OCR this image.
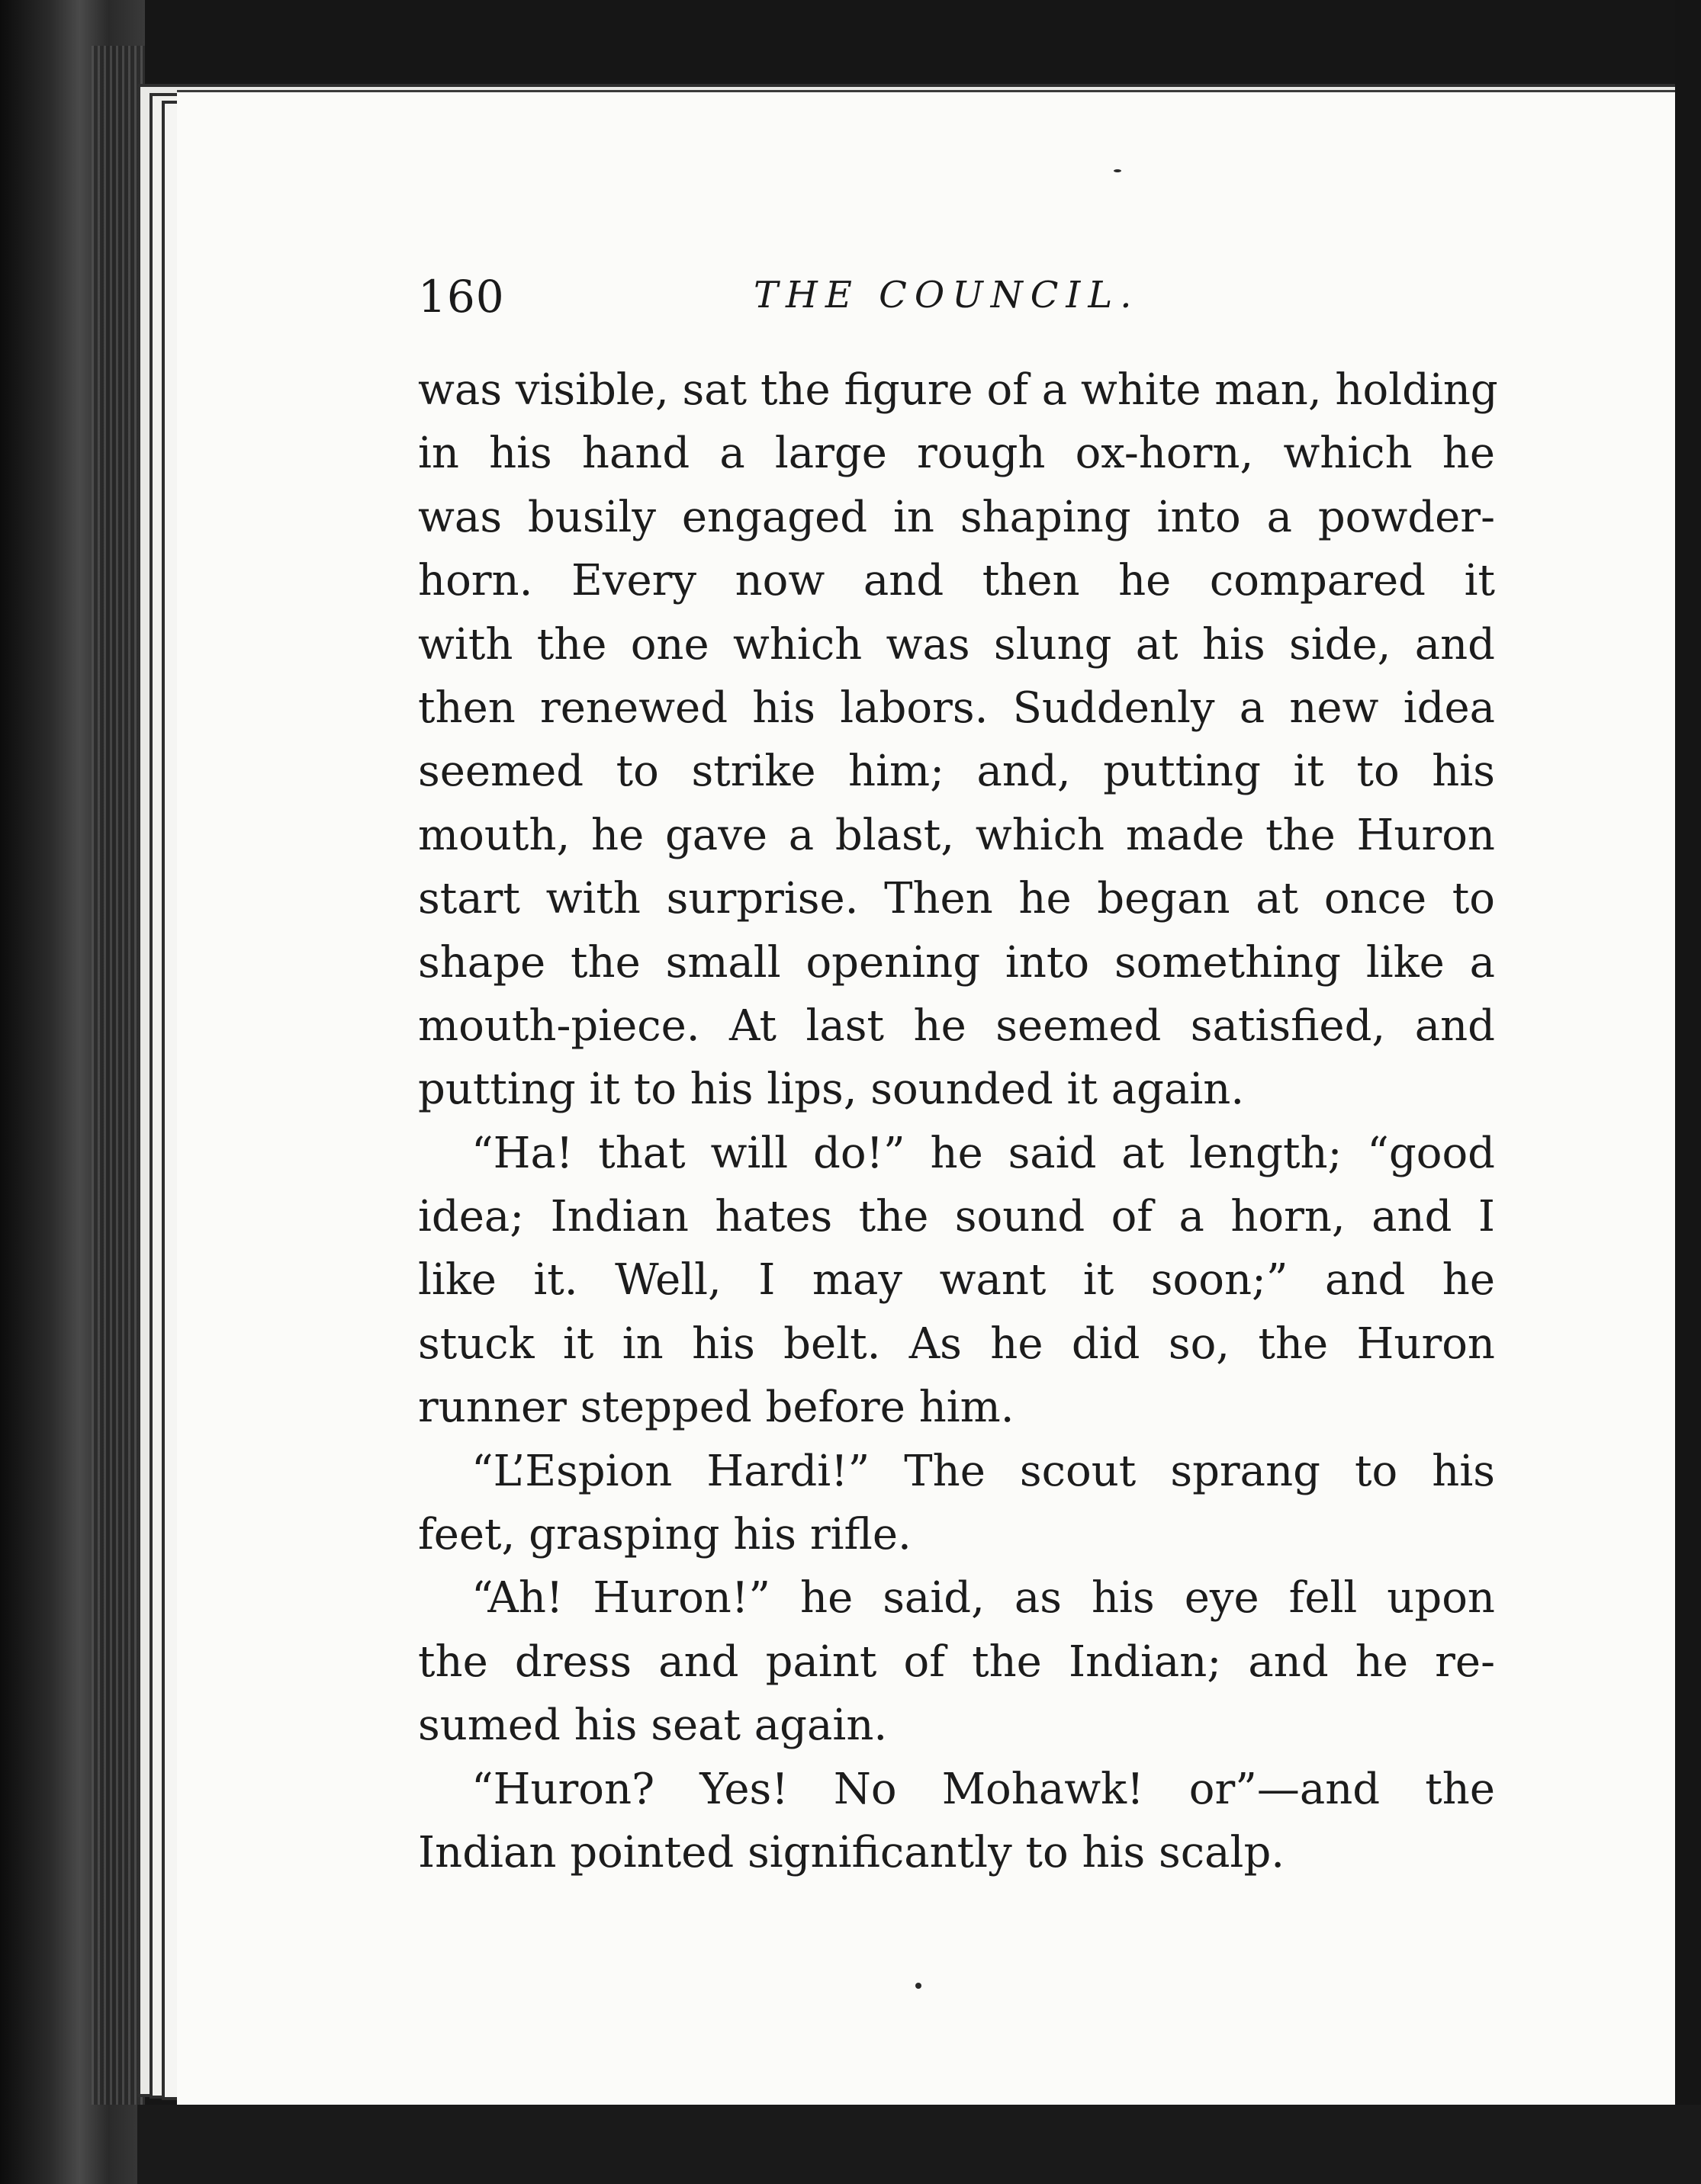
160	THE COUNCIL.
was visible, sat the figure of a white man, holding
in his hand a large rough ox-horn, which he
was busily engaged in shaping into a powder-
horn. Every now and then he compared it
with the one which was slung at his side, and
then renewed his labors. Suddenly a new idea
seemed to strike him; and, putting it to his
mouth, he gave a blast, which made the Huron
start with surprise. Then he began at once to
shape the small opening into something like a
mouth-piece. At last he seemed satisfied, and
putting it to his lips, sounded it again.
“Ha! that will do!” he said at length; “good
idea; Indian hates the sound of a horn, and I
like it. Well, I may want it soon;” and he
stuck it in his belt. As he did so, the Huron
runner stepped before him.
“L’Espion Hardi!” The scout sprang to his
feet, grasping his rifle.
“Ah! Huron!” he said, as his eye fell upon
the dress and paint of the Indian; and he re-
sumed his seat again.
“Huron? Yes! No Mohawk! or”—and the
Indian pointed significantly to his scalp.
